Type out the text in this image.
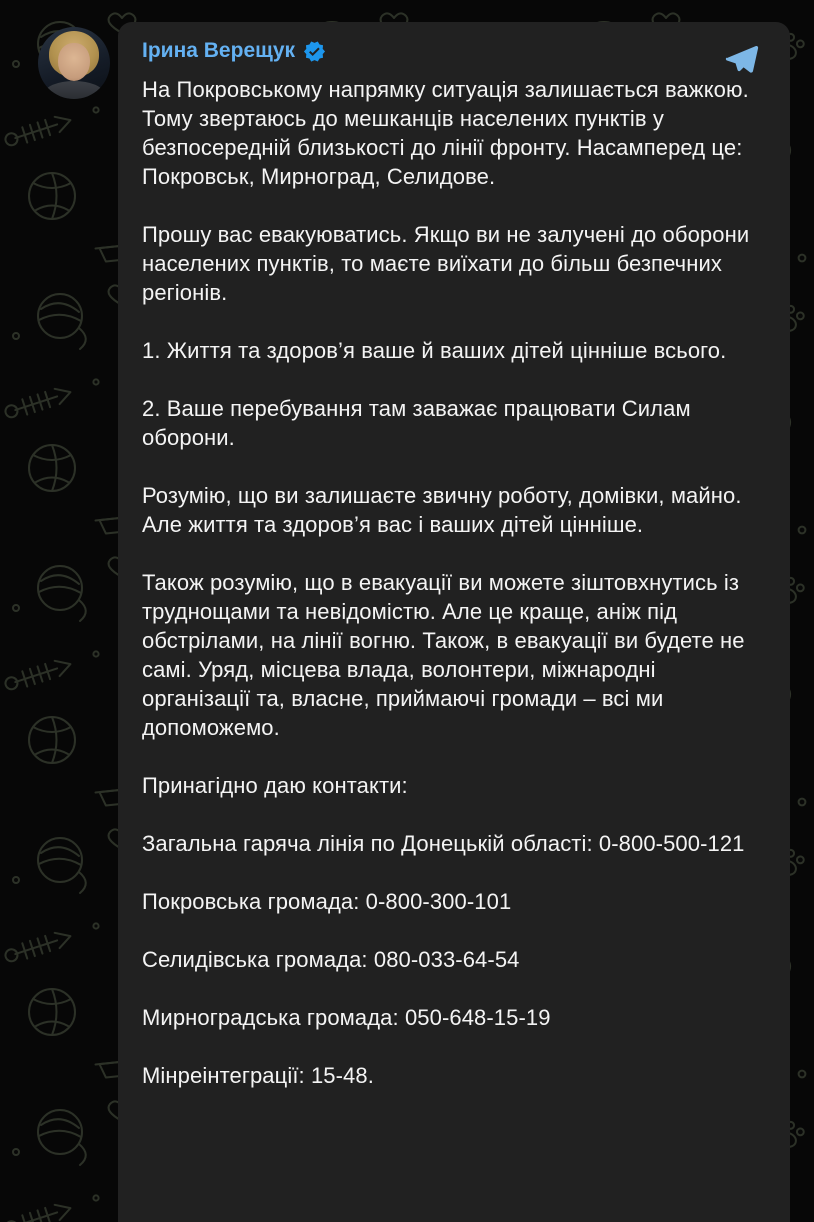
Ірина Верещук

На Покровському напрямку ситуація залишається важкою. Тому звертаюсь до мешканців населених пунктів у безпосередній близькості до лінії фронту. Насамперед це: Покровськ, Мирноград, Селидове.

Прошу вас евакуюватись. Якщо ви не залучені до оборони населених пунктів, то маєте виїхати до більш безпечних регіонів.

1. Життя та здоров’я ваше й ваших дітей цінніше всього.

2. Ваше перебування там заважає працювати Силам оборони.

Розумію, що ви залишаєте звичну роботу, домівки, майно. Але життя та здоров’я вас і ваших дітей цінніше.

Також розумію, що в евакуації ви можете зіштовхнутись із труднощами та невідомістю. Але це краще, аніж під обстрілами, на лінії вогню. Також, в евакуації ви будете не самі. Уряд, місцева влада, волонтери, міжнародні організації та, власне, приймаючі громади – всі ми допоможемо.

Принагідно даю контакти:

Загальна гаряча лінія по Донецькій області: 0-800-500-121

Покровська громада: 0-800-300-101

Селидівська громада: 080-033-64-54

Мирноградська громада: 050-648-15-19

Мінреінтеграції: 15-48.
